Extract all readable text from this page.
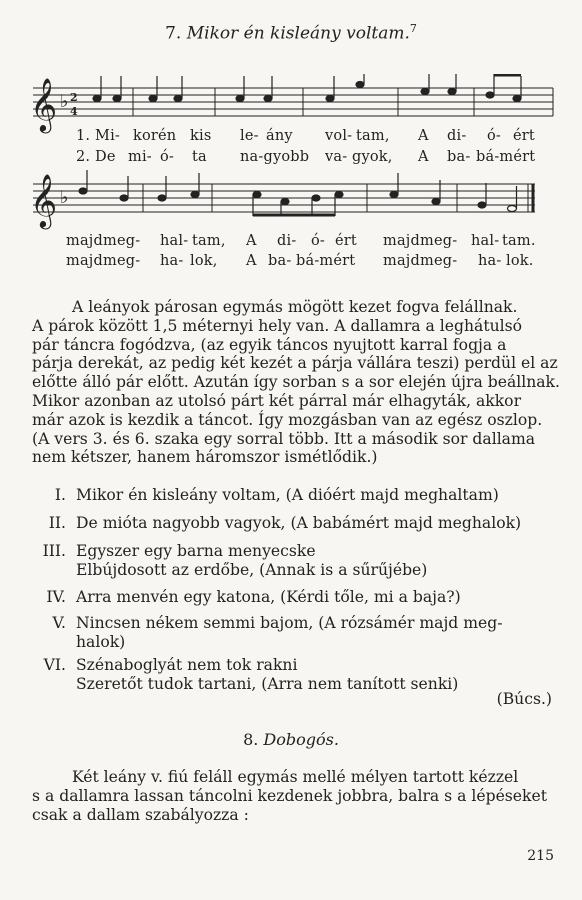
7. Mikor én kisleány voltam.$^7$
𝄞 ♭ 2
4
1. Mi- kor én kis le- ány vol- tam, A di- ó- ért
2. De mi- ó- ta na-gyobb va- gyok, A ba- bá-mért
𝄞 ♭
majd meg- hal- tam, A di- ó- ért majd meg- hal- tam.
majd meg- ha- lok, A ba- bá-mért majd meg- ha- lok.
A leányok párosan egymás mögött kezet fogva felállnak.
A párok között 1,5 méternyi hely van. A dallamra a leghátulsó
pár táncra fogódzva, (az egyik táncos nyujtott karral fogja a
párja derekát, az pedig két kezét a párja vállára teszi) perdül el az
előtte álló pár előtt. Azután így sorban s a sor elején újra beállnak.
Mikor azonban az utolsó párt két párral már elhagyták, akkor
már azok is kezdik a táncot. Így mozgásban van az egész oszlop.
(A vers 3. és 6. szaka egy sorral több. Itt a második sor dallama
nem kétszer, hanem háromszor ismétlődik.)
I. Mikor én kisleány voltam, (A dióért majd meghaltam)
II. De mióta nagyobb vagyok, (A babámért majd meghalok)
III. Egyszer egy barna menyecske
Elbújdosott az erdőbe, (Annak is a sűrűjébe)
IV. Arra menvén egy katona, (Kérdi tőle, mi a baja?)
V. Nincsen nékem semmi bajom, (A rózsámér majd meg-
halok)
VI. Szénaboglyát nem tok rakni
Szeretőt tudok tartani, (Arra nem tanított senki)
(Búcs.)
8. Dobogós.
Két leány v. fiú feláll egymás mellé mélyen tartott kézzel
s a dallamra lassan táncolni kezdenek jobbra, balra s a lépéseket
csak a dallam szabályozza :
215
